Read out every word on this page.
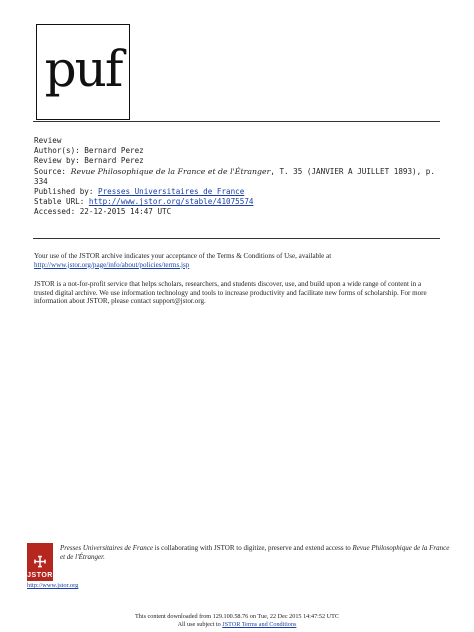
puf
Review
Author(s): Bernard Perez
Review by: Bernard Perez
Source: Revue Philosophique de la France et de l'Étranger, T. 35 (JANVIER A JUILLET 1893), p.
334
Published by: Presses Universitaires de France
Stable URL: http://www.jstor.org/stable/41075574
Accessed: 22-12-2015 14:47 UTC
Your use of the JSTOR archive indicates your acceptance of the Terms & Conditions of Use, available at http://www.jstor.org/page/info/about/policies/terms.jsp
JSTOR is a not-for-profit service that helps scholars, researchers, and students discover, use, and build upon a wide range of content in a trusted digital archive. We use information technology and tools to increase productivity and facilitate new forms of scholarship. For more information about JSTOR, please contact support@jstor.org.
☩
JSTOR
Presses Universitaires de France is collaborating with JSTOR to digitize, preserve and extend access to Revue Philosophique de la France et de l'Étranger.
http://www.jstor.org
This content downloaded from 129.100.58.76 on Tue, 22 Dec 2015 14:47:52 UTC
All use subject to JSTOR Terms and Conditions
